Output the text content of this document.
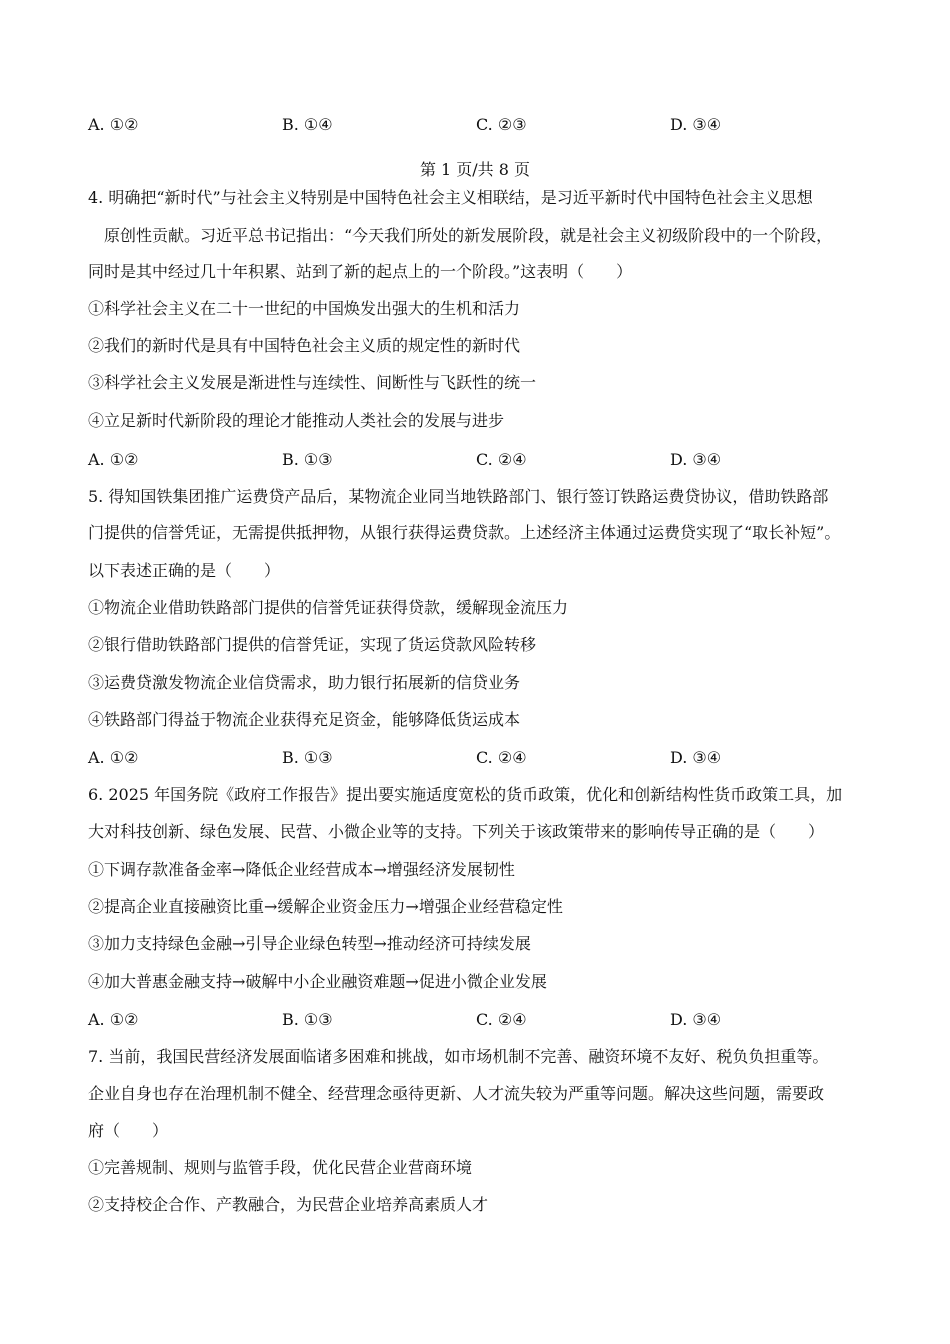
A. ①②	B. ①④	C. ②③	D. ③④
第 1 页/共 8 页
4. 明确把“新时代”与社会主义特别是中国特色社会主义相联结，是习近平新时代中国特色社会主义思想
原创性贡献。习近平总书记指出：“今天我们所处的新发展阶段，就是社会主义初级阶段中的一个阶段，
同时是其中经过几十年积累、站到了新的起点上的一个阶段。”这表明（　　）
①科学社会主义在二十一世纪的中国焕发出强大的生机和活力
②我们的新时代是具有中国特色社会主义质的规定性的新时代
③科学社会主义发展是渐进性与连续性、间断性与飞跃性的统一
④立足新时代新阶段的理论才能推动人类社会的发展与进步
A. ①②	B. ①③	C. ②④	D. ③④
5. 得知国铁集团推广运费贷产品后，某物流企业同当地铁路部门、银行签订铁路运费贷协议，借助铁路部
门提供的信誉凭证，无需提供抵押物，从银行获得运费贷款。上述经济主体通过运费贷实现了“取长补短”。
以下表述正确的是（　　）
①物流企业借助铁路部门提供的信誉凭证获得贷款，缓解现金流压力
②银行借助铁路部门提供的信誉凭证，实现了货运贷款风险转移
③运费贷激发物流企业信贷需求，助力银行拓展新的信贷业务
④铁路部门得益于物流企业获得充足资金，能够降低货运成本
A. ①②	B. ①③	C. ②④	D. ③④
6. 2025 年国务院《政府工作报告》提出要实施适度宽松的货币政策，优化和创新结构性货币政策工具，加
大对科技创新、绿色发展、民营、小微企业等的支持。下列关于该政策带来的影响传导正确的是（　　）
①下调存款准备金率→降低企业经营成本→增强经济发展韧性
②提高企业直接融资比重→缓解企业资金压力→增强企业经营稳定性
③加力支持绿色金融→引导企业绿色转型→推动经济可持续发展
④加大普惠金融支持→破解中小企业融资难题→促进小微企业发展
A. ①②	B. ①③	C. ②④	D. ③④
7. 当前，我国民营经济发展面临诸多困难和挑战，如市场机制不完善、融资环境不友好、税负负担重等。
企业自身也存在治理机制不健全、经营理念亟待更新、人才流失较为严重等问题。解决这些问题，需要政
府（　　）
①完善规制、规则与监管手段，优化民营企业营商环境
②支持校企合作、产教融合，为民营企业培养高素质人才
